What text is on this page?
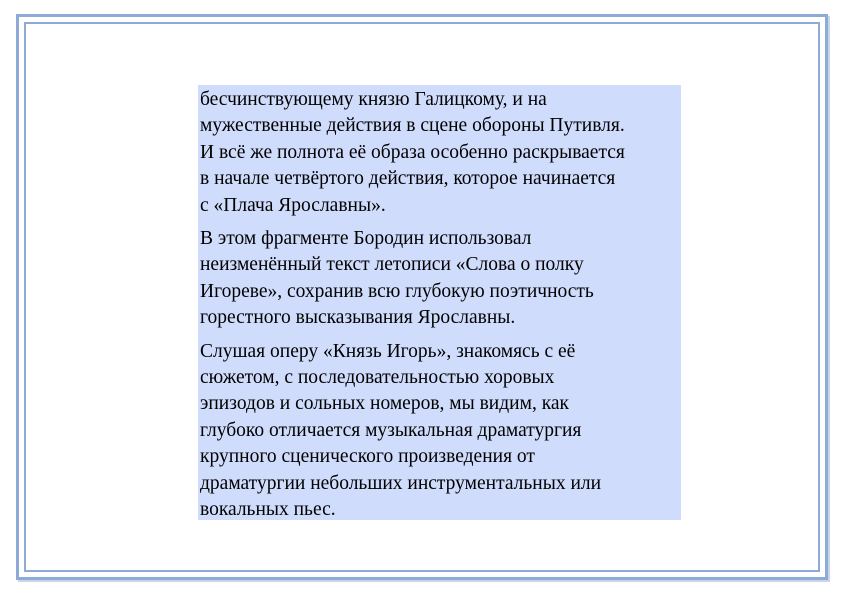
бесчинствующему князю Галицкому, и на
мужественные действия в сцене обороны Путивля.
И всё же полнота её образа особенно раскрывается
в начале четвёртого действия, которое начинается
с «Плача Ярославны».

В этом фрагменте Бородин использовал
неизменённый текст летописи «Слова о полку
Игореве», сохранив всю глубокую поэтичность
горестного высказывания Ярославны.

Слушая оперу «Князь Игорь», знакомясь с её
сюжетом, с последовательностью хоровых
эпизодов и сольных номеров, мы видим, как
глубоко отличается музыкальная драматургия
крупного сценического произведения от
драматургии небольших инструментальных или
вокальных пьес.
